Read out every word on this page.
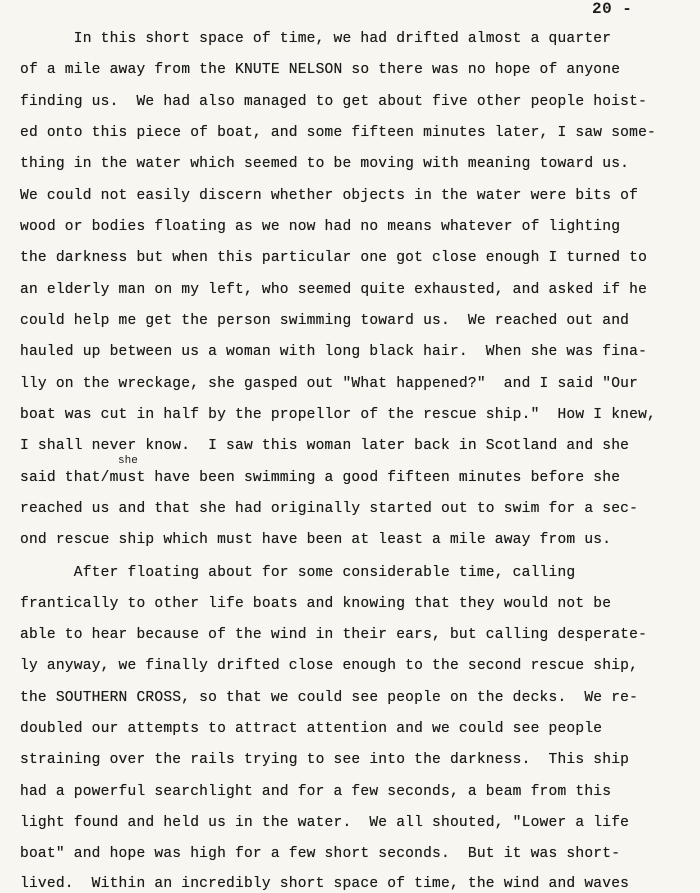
20 -
In this short space of time, we had drifted almost a quarter
of a mile away from the KNUTE NELSON so there was no hope of anyone
finding us.  We had also managed to get about five other people hoist-
ed onto this piece of boat, and some fifteen minutes later, I saw some-
thing in the water which seemed to be moving with meaning toward us.
We could not easily discern whether objects in the water were bits of
wood or bodies floating as we now had no means whatever of lighting
the darkness but when this particular one got close enough I turned to
an elderly man on my left, who seemed quite exhausted, and asked if he
could help me get the person swimming toward us.  We reached out and
hauled up between us a woman with long black hair.  When she was fina-
lly on the wreckage, she gasped out "What happened?"  and I said "Our
boat was cut in half by the propellor of the rescue ship."  How I knew,
I shall never know.  I saw this woman later back in Scotland and she
she
said that/must have been swimming a good fifteen minutes before she
reached us and that she had originally started out to swim for a sec-
ond rescue ship which must have been at least a mile away from us.
After floating about for some considerable time, calling
frantically to other life boats and knowing that they would not be
able to hear because of the wind in their ears, but calling desperate-
ly anyway, we finally drifted close enough to the second rescue ship,
the SOUTHERN CROSS, so that we could see people on the decks.  We re-
doubled our attempts to attract attention and we could see people
straining over the rails trying to see into the darkness.  This ship
had a powerful searchlight and for a few seconds, a beam from this
light found and held us in the water.  We all shouted, "Lower a life
boat" and hope was high for a few short seconds.  But it was short-
lived.  Within an incredibly short space of time, the wind and waves
